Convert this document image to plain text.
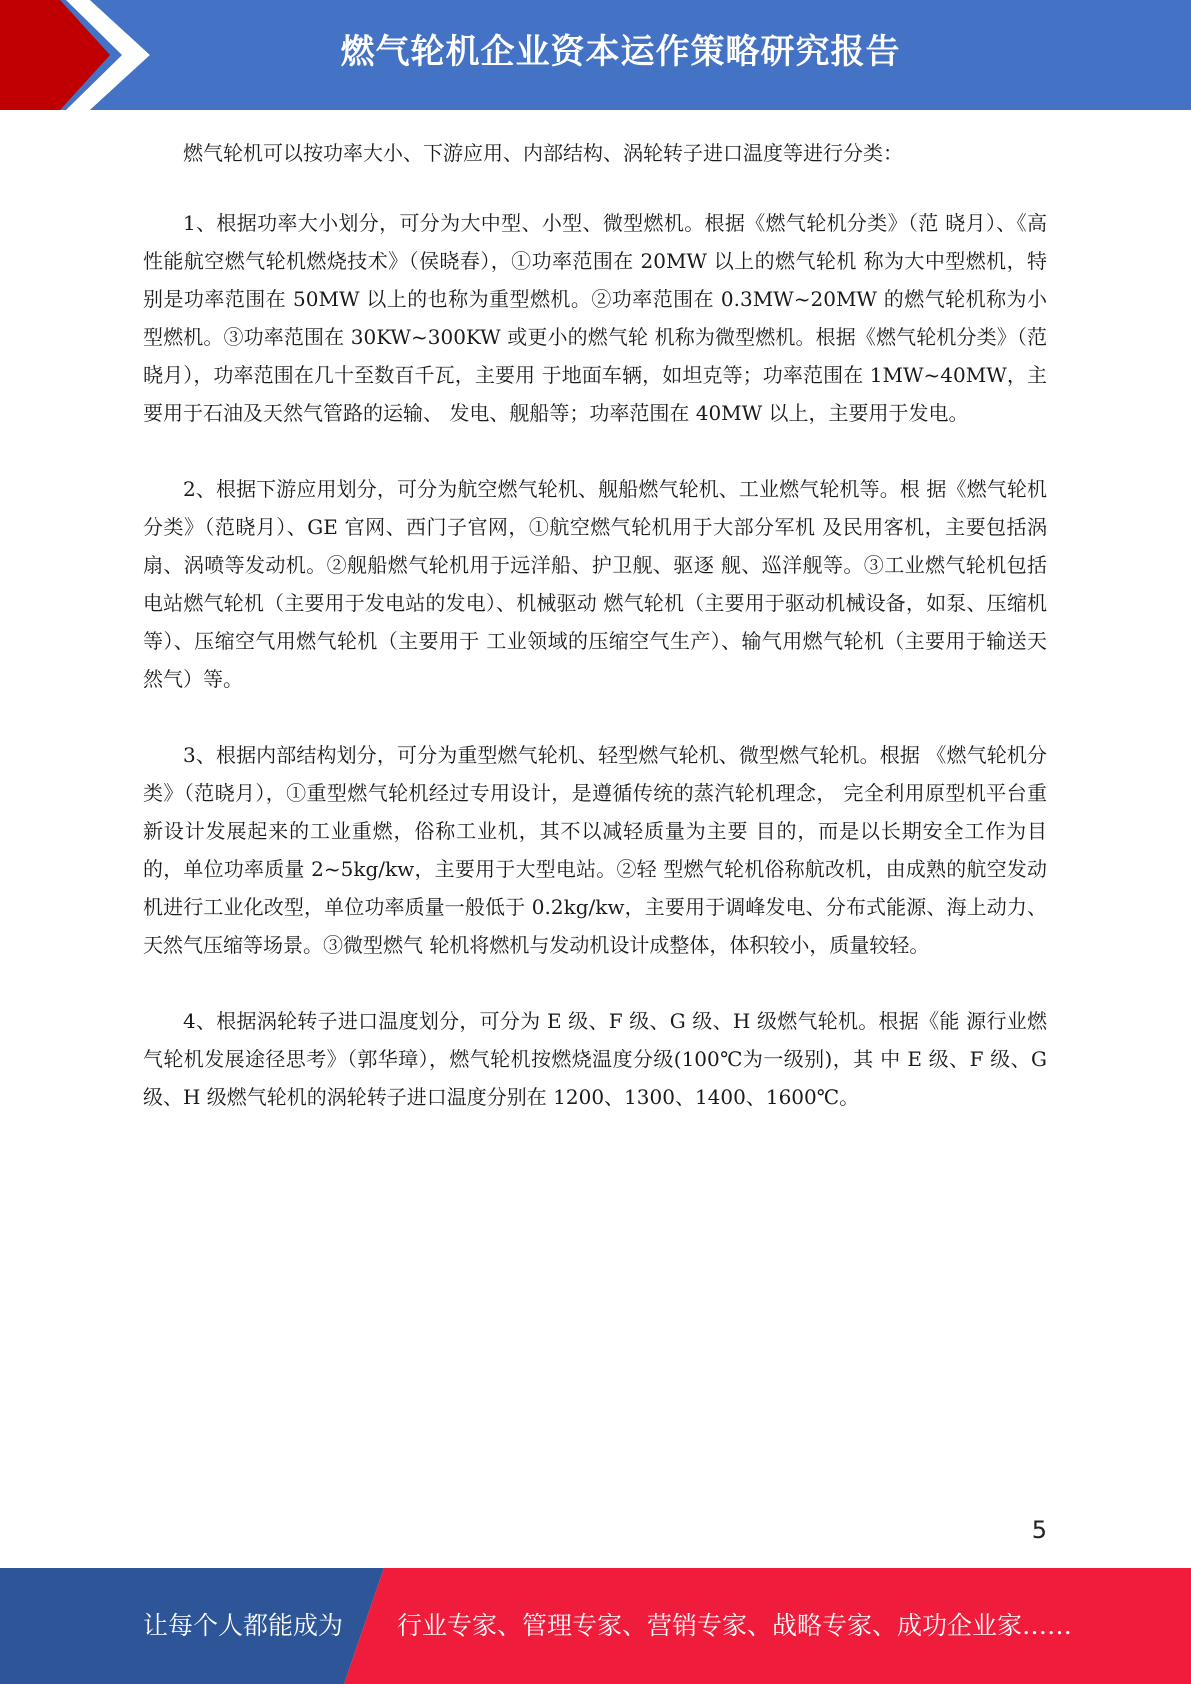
燃气轮机企业资本运作策略研究报告

燃气轮机可以按功率大小、下游应用、内部结构、涡轮转子进口温度等进行分类：

1、根据功率大小划分，可分为大中型、小型、微型燃机。根据《燃气轮机分类》（范 晓月）、《高性能航空燃气轮机燃烧技术》（侯晓春），①功率范围在 20MW 以上的燃气轮机 称为大中型燃机，特别是功率范围在 50MW 以上的也称为重型燃机。②功率范围在 0.3MW~20MW 的燃气轮机称为小型燃机。③功率范围在 30KW~300KW 或更小的燃气轮 机称为微型燃机。根据《燃气轮机分类》（范晓月），功率范围在几十至数百千瓦，主要用 于地面车辆，如坦克等；功率范围在 1MW~40MW，主要用于石油及天然气管路的运输、 发电、舰船等；功率范围在 40MW 以上，主要用于发电。

2、根据下游应用划分，可分为航空燃气轮机、舰船燃气轮机、工业燃气轮机等。根 据《燃气轮机分类》（范晓月）、GE 官网、西门子官网，①航空燃气轮机用于大部分军机 及民用客机，主要包括涡扇、涡喷等发动机。②舰船燃气轮机用于远洋船、护卫舰、驱逐 舰、巡洋舰等。③工业燃气轮机包括电站燃气轮机（主要用于发电站的发电）、机械驱动 燃气轮机（主要用于驱动机械设备，如泵、压缩机等）、压缩空气用燃气轮机（主要用于 工业领域的压缩空气生产）、输气用燃气轮机（主要用于输送天然气）等。

3、根据内部结构划分，可分为重型燃气轮机、轻型燃气轮机、微型燃气轮机。根据 《燃气轮机分类》（范晓月），①重型燃气轮机经过专用设计，是遵循传统的蒸汽轮机理念， 完全利用原型机平台重新设计发展起来的工业重燃，俗称工业机，其不以减轻质量为主要 目的，而是以长期安全工作为目的，单位功率质量 2~5kg/kw，主要用于大型电站。②轻 型燃气轮机俗称航改机，由成熟的航空发动机进行工业化改型，单位功率质量一般低于 0.2kg/kw，主要用于调峰发电、分布式能源、海上动力、天然气压缩等场景。③微型燃气 轮机将燃机与发动机设计成整体，体积较小，质量较轻。

4、根据涡轮转子进口温度划分，可分为 E 级、F 级、G 级、H 级燃气轮机。根据《能 源行业燃气轮机发展途径思考》（郭华璋），燃气轮机按燃烧温度分级(100℃为一级别)，其 中 E 级、F 级、G 级、H 级燃气轮机的涡轮转子进口温度分别在 1200、1300、1400、1600℃。

5
让每个人都能成为 行业专家、管理专家、营销专家、战略专家、成功企业家……
